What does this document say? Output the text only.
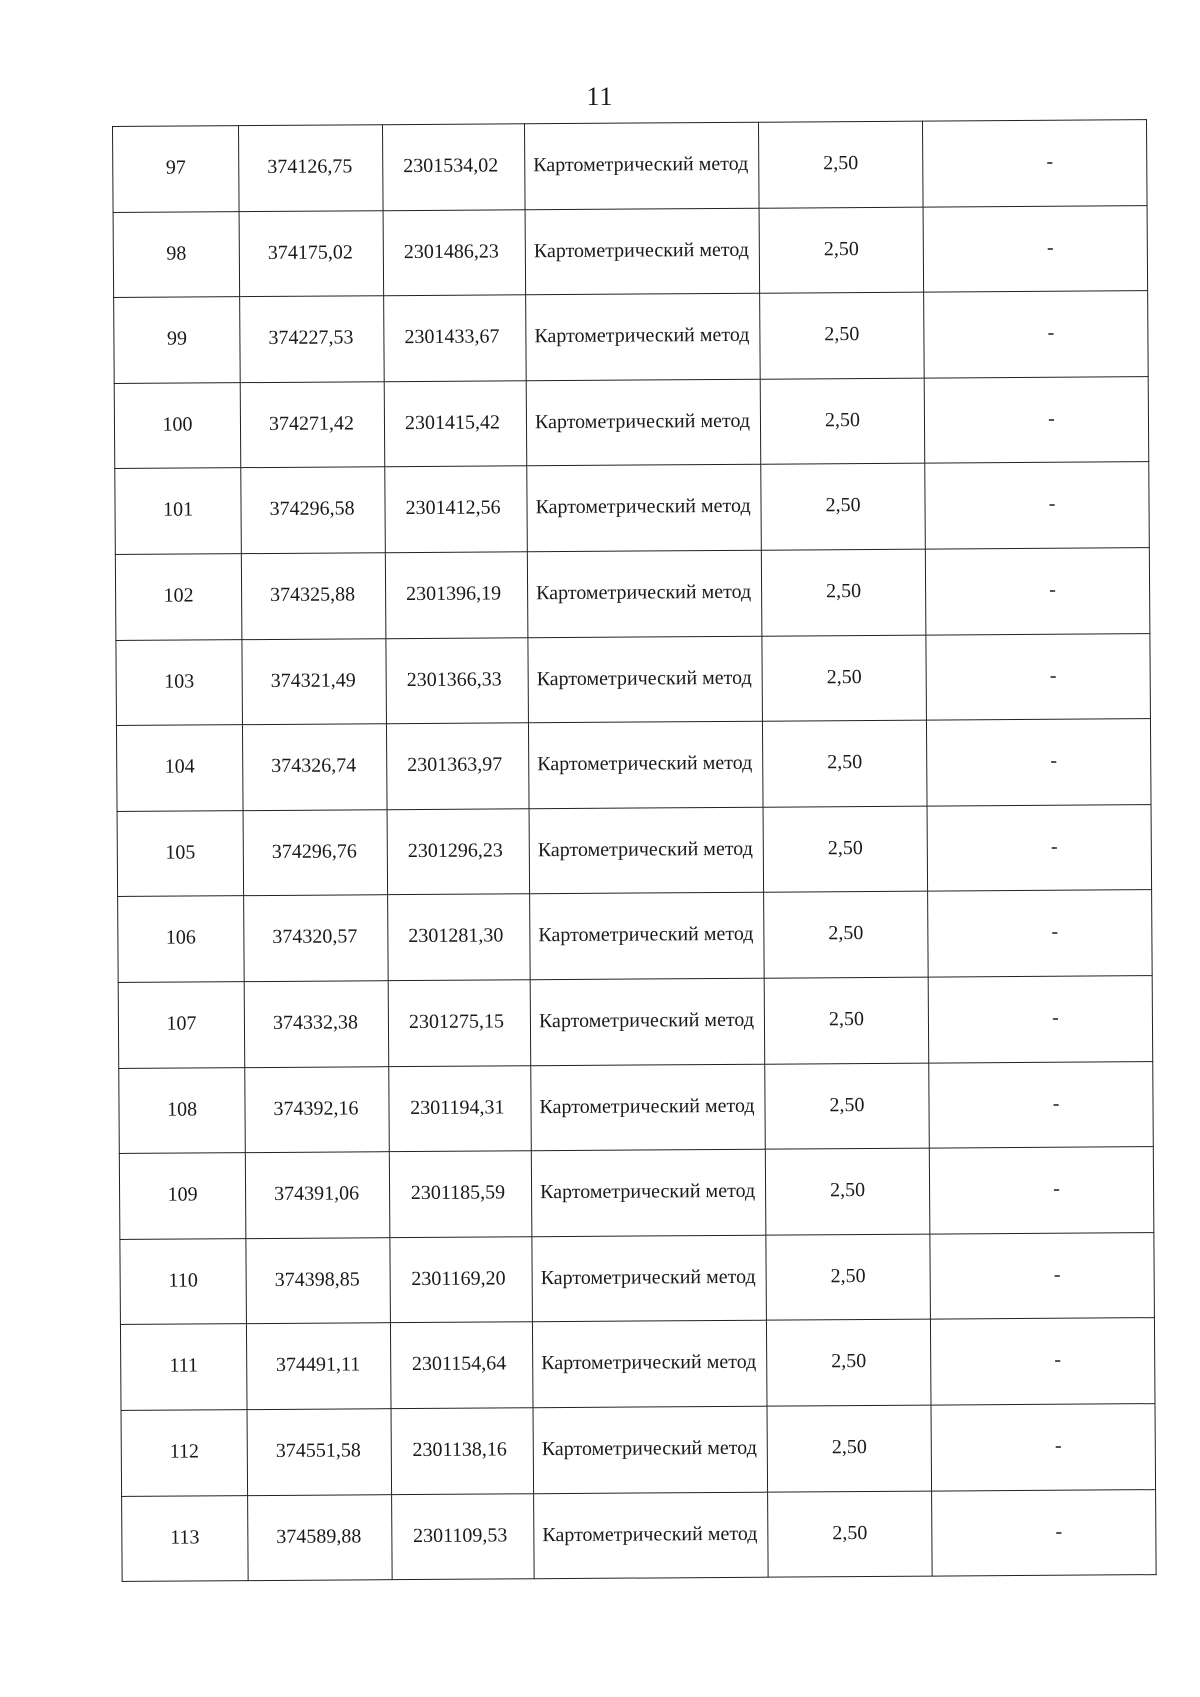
11
97	374126,75	2301534,02	Картометрический метод	2,50	-

98	374175,02	2301486,23	Картометрический метод	2,50	-

99	374227,53	2301433,67	Картометрический метод	2,50	-

100	374271,42	2301415,42	Картометрический метод	2,50	-

101	374296,58	2301412,56	Картометрический метод	2,50	-

102	374325,88	2301396,19	Картометрический метод	2,50	-

103	374321,49	2301366,33	Картометрический метод	2,50	-

104	374326,74	2301363,97	Картометрический метод	2,50	-

105	374296,76	2301296,23	Картометрический метод	2,50	-

106	374320,57	2301281,30	Картометрический метод	2,50	-

107	374332,38	2301275,15	Картометрический метод	2,50	-

108	374392,16	2301194,31	Картометрический метод	2,50	-

109	374391,06	2301185,59	Картометрический метод	2,50	-

110	374398,85	2301169,20	Картометрический метод	2,50	-

111	374491,11	2301154,64	Картометрический метод	2,50	-

112	374551,58	2301138,16	Картометрический метод	2,50	-

113	374589,88	2301109,53	Картометрический метод	2,50	-
